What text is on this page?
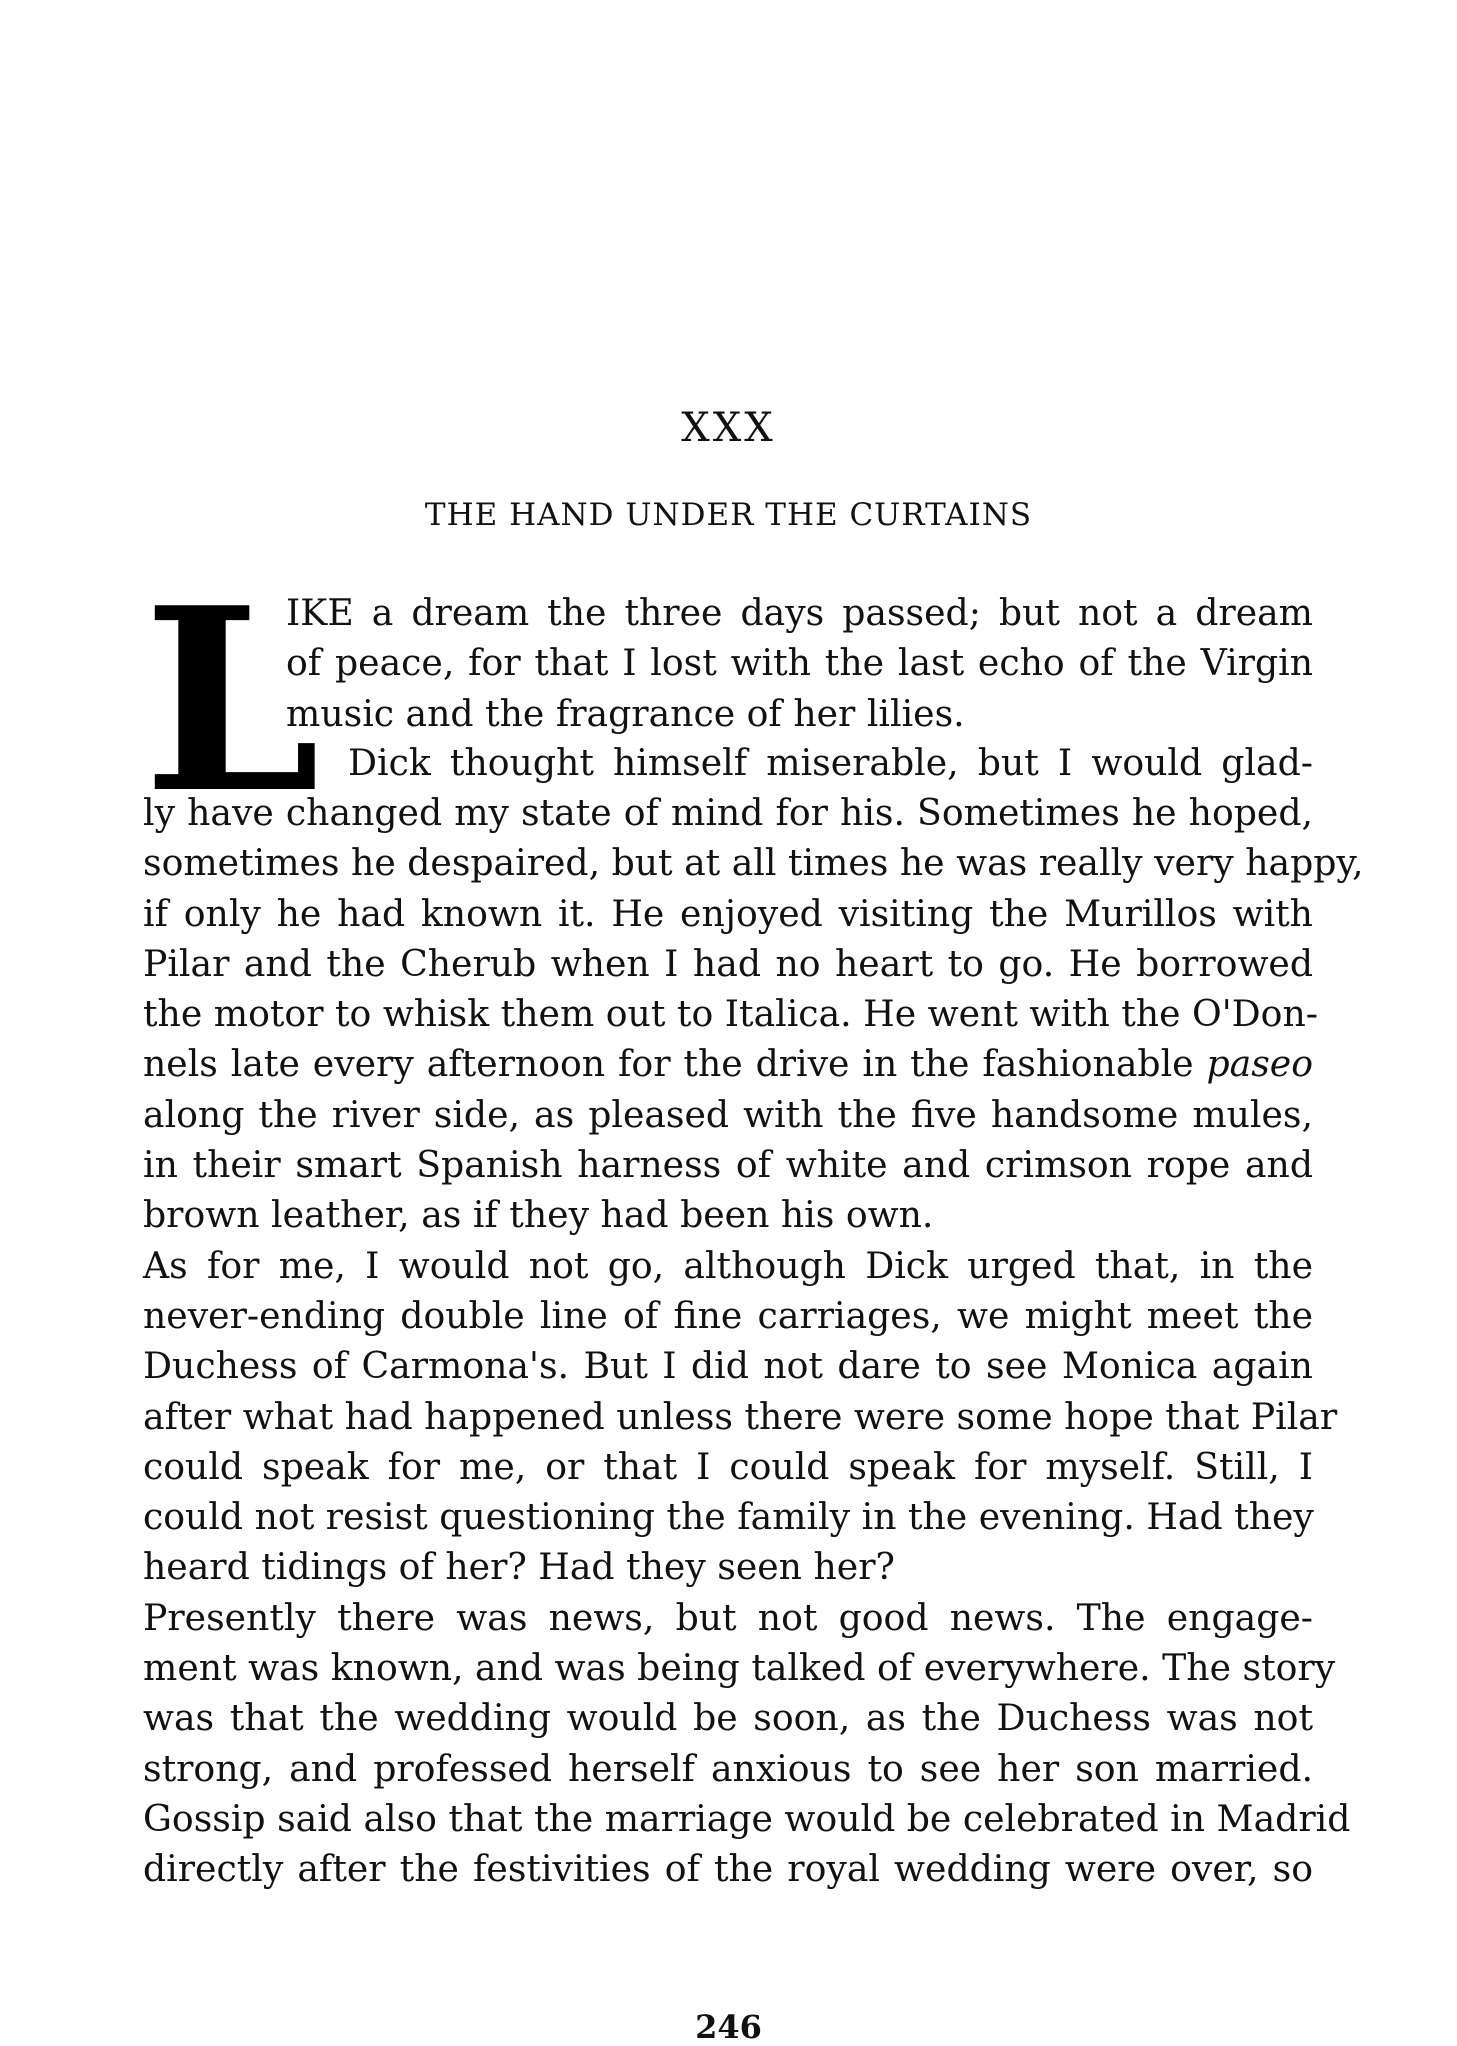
XXX
THE HAND UNDER THE CURTAINS
L
IKE a dream the three days passed; but not a dream
of peace, for that I lost with the last echo of the Virgin
music and the fragrance of her lilies.
Dick thought himself miserable, but I would glad-
ly have changed my state of mind for his. Sometimes he hoped,
sometimes he despaired, but at all times he was really very happy,
if only he had known it. He enjoyed visiting the Murillos with
Pilar and the Cherub when I had no heart to go. He borrowed
the motor to whisk them out to Italica. He went with the O'Don-
nels late every afternoon for the drive in the fashionable paseo
along the river side, as pleased with the five handsome mules,
in their smart Spanish harness of white and crimson rope and
brown leather, as if they had been his own.
As for me, I would not go, although Dick urged that, in the
never-ending double line of fine carriages, we might meet the
Duchess of Carmona's. But I did not dare to see Monica again
after what had happened unless there were some hope that Pilar
could speak for me, or that I could speak for myself. Still, I
could not resist questioning the family in the evening. Had they
heard tidings of her? Had they seen her?
Presently there was news, but not good news. The engage-
ment was known, and was being talked of everywhere. The story
was that the wedding would be soon, as the Duchess was not
strong, and professed herself anxious to see her son married.
Gossip said also that the marriage would be celebrated in Madrid
directly after the festivities of the royal wedding were over, so
246
